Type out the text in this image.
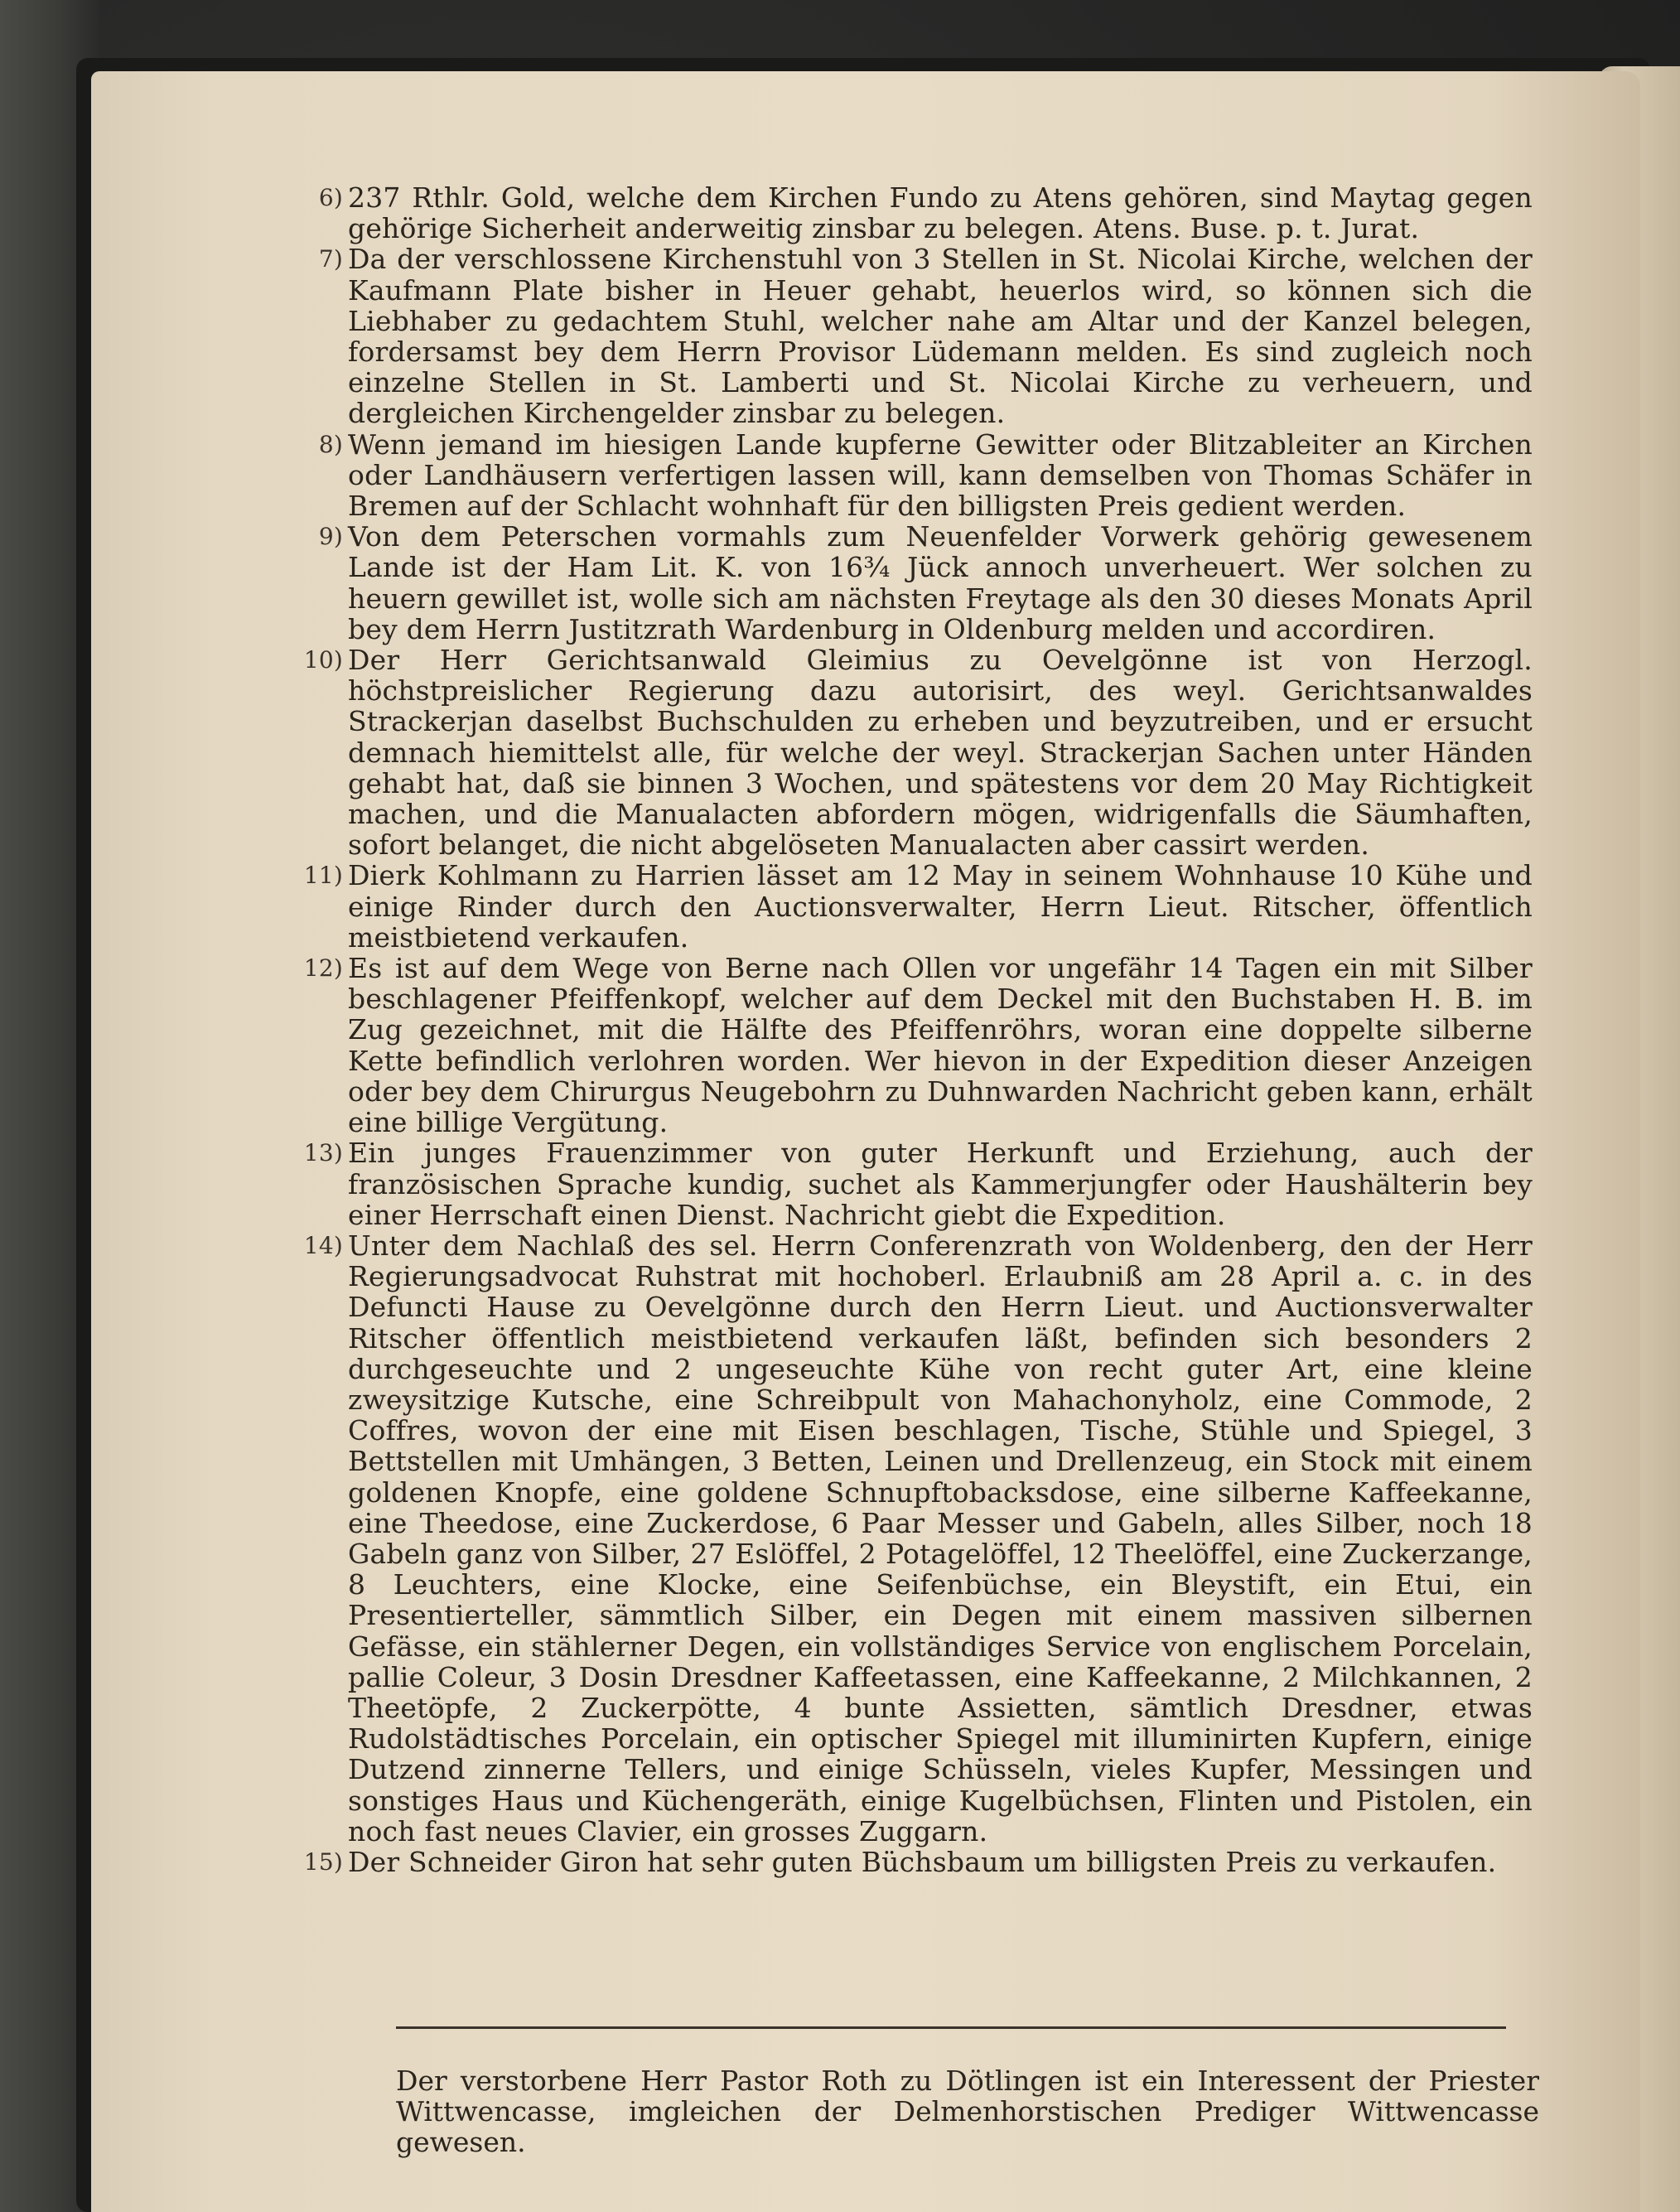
6) 237 Rthlr. Gold, welche dem Kirchen Fundo zu Atens gehören, sind Maytag gegen gehörige Sicherheit anderweitig zinsbar zu belegen. Atens. Buse. p. t. Jurat.

7) Da der verschlossene Kirchenstuhl von 3 Stellen in St. Nicolai Kirche, welchen der Kaufmann Plate bisher in Heuer gehabt, heuerlos wird, so können sich die Liebhaber zu gedachtem Stuhl, welcher nahe am Altar und der Kanzel belegen, fordersamst bey dem Herrn Provisor Lüdemann melden. Es sind zugleich noch einzelne Stellen in St. Lamberti und St. Nicolai Kirche zu verheuern, und dergleichen Kirchengelder zinsbar zu belegen.

8) Wenn jemand im hiesigen Lande kupferne Gewitter oder Blitzableiter an Kirchen oder Landhäusern verfertigen lassen will, kann demselben von Thomas Schäfer in Bremen auf der Schlacht wohnhaft für den billigsten Preis gedient werden.

9) Von dem Peterschen vormahls zum Neuenfelder Vorwerk gehörig gewesenem Lande ist der Ham Lit. K. von 16¾ Jück annoch unverheuert. Wer solchen zu heuern gewillet ist, wolle sich am nächsten Freytage als den 30 dieses Monats April bey dem Herrn Justitzrath Wardenburg in Oldenburg melden und accordiren.

10) Der Herr Gerichtsanwald Gleimius zu Oevelgönne ist von Herzogl. höchstpreislicher Regierung dazu autorisirt, des weyl. Gerichtsanwaldes Strackerjan daselbst Buchschulden zu erheben und beyzutreiben, und er ersucht demnach hiemittelst alle, für welche der weyl. Strackerjan Sachen unter Händen gehabt hat, daß sie binnen 3 Wochen, und spätestens vor dem 20 May Richtigkeit machen, und die Manualacten abfordern mögen, widrigenfalls die Säumhaften, sofort belanget, die nicht abgelöseten Manualacten aber cassirt werden.

11) Dierk Kohlmann zu Harrien lässet am 12 May in seinem Wohnhause 10 Kühe und einige Rinder durch den Auctionsverwalter, Herrn Lieut. Ritscher, öffentlich meistbietend verkaufen.

12) Es ist auf dem Wege von Berne nach Ollen vor ungefähr 14 Tagen ein mit Silber beschlagener Pfeiffenkopf, welcher auf dem Deckel mit den Buchstaben H. B. im Zug gezeichnet, mit die Hälfte des Pfeiffenröhrs, woran eine doppelte silberne Kette befindlich verlohren worden. Wer hievon in der Expedition dieser Anzeigen oder bey dem Chirurgus Neugebohrn zu Duhnwarden Nachricht geben kann, erhält eine billige Vergütung.

13) Ein junges Frauenzimmer von guter Herkunft und Erziehung, auch der französischen Sprache kundig, suchet als Kammerjungfer oder Haushälterin bey einer Herrschaft einen Dienst. Nachricht giebt die Expedition.

14) Unter dem Nachlaß des sel. Herrn Conferenzrath von Woldenberg, den der Herr Regierungsadvocat Ruhstrat mit hochoberl. Erlaubniß am 28 April a. c. in des Defuncti Hause zu Oevelgönne durch den Herrn Lieut. und Auctionsverwalter Ritscher öffentlich meistbietend verkaufen läßt, befinden sich besonders 2 durchgeseuchte und 2 ungeseuchte Kühe von recht guter Art, eine kleine zweysitzige Kutsche, eine Schreibpult von Mahachonyholz, eine Commode, 2 Coffres, wovon der eine mit Eisen beschlagen, Tische, Stühle und Spiegel, 3 Bettstellen mit Umhängen, 3 Betten, Leinen und Drellenzeug, ein Stock mit einem goldenen Knopfe, eine goldene Schnupftobacksdose, eine silberne Kaffeekanne, eine Theedose, eine Zuckerdose, 6 Paar Messer und Gabeln, alles Silber, noch 18 Gabeln ganz von Silber, 27 Eslöffel, 2 Potagelöffel, 12 Theelöffel, eine Zuckerzange, 8 Leuchters, eine Klocke, eine Seifenbüchse, ein Bleystift, ein Etui, ein Presentierteller, sämmtlich Silber, ein Degen mit einem massiven silbernen Gefässe, ein stählerner Degen, ein vollständiges Service von englischem Porcelain, pallie Coleur, 3 Dosin Dresdner Kaffeetassen, eine Kaffeekanne, 2 Milchkannen, 2 Theetöpfe, 2 Zuckerpötte, 4 bunte Assietten, sämtlich Dresdner, etwas Rudolstädtisches Porcelain, ein optischer Spiegel mit illuminirten Kupfern, einige Dutzend zinnerne Tellers, und einige Schüsseln, vieles Kupfer, Messingen und sonstiges Haus und Küchengeräth, einige Kugelbüchsen, Flinten und Pistolen, ein noch fast neues Clavier, ein grosses Zuggarn.

15) Der Schneider Giron hat sehr guten Büchsbaum um billigsten Preis zu verkaufen.

Der verstorbene Herr Pastor Roth zu Dötlingen ist ein Interessent der Priester Wittwencasse, imgleichen der Delmenhorstischen Prediger Wittwencasse gewesen.
